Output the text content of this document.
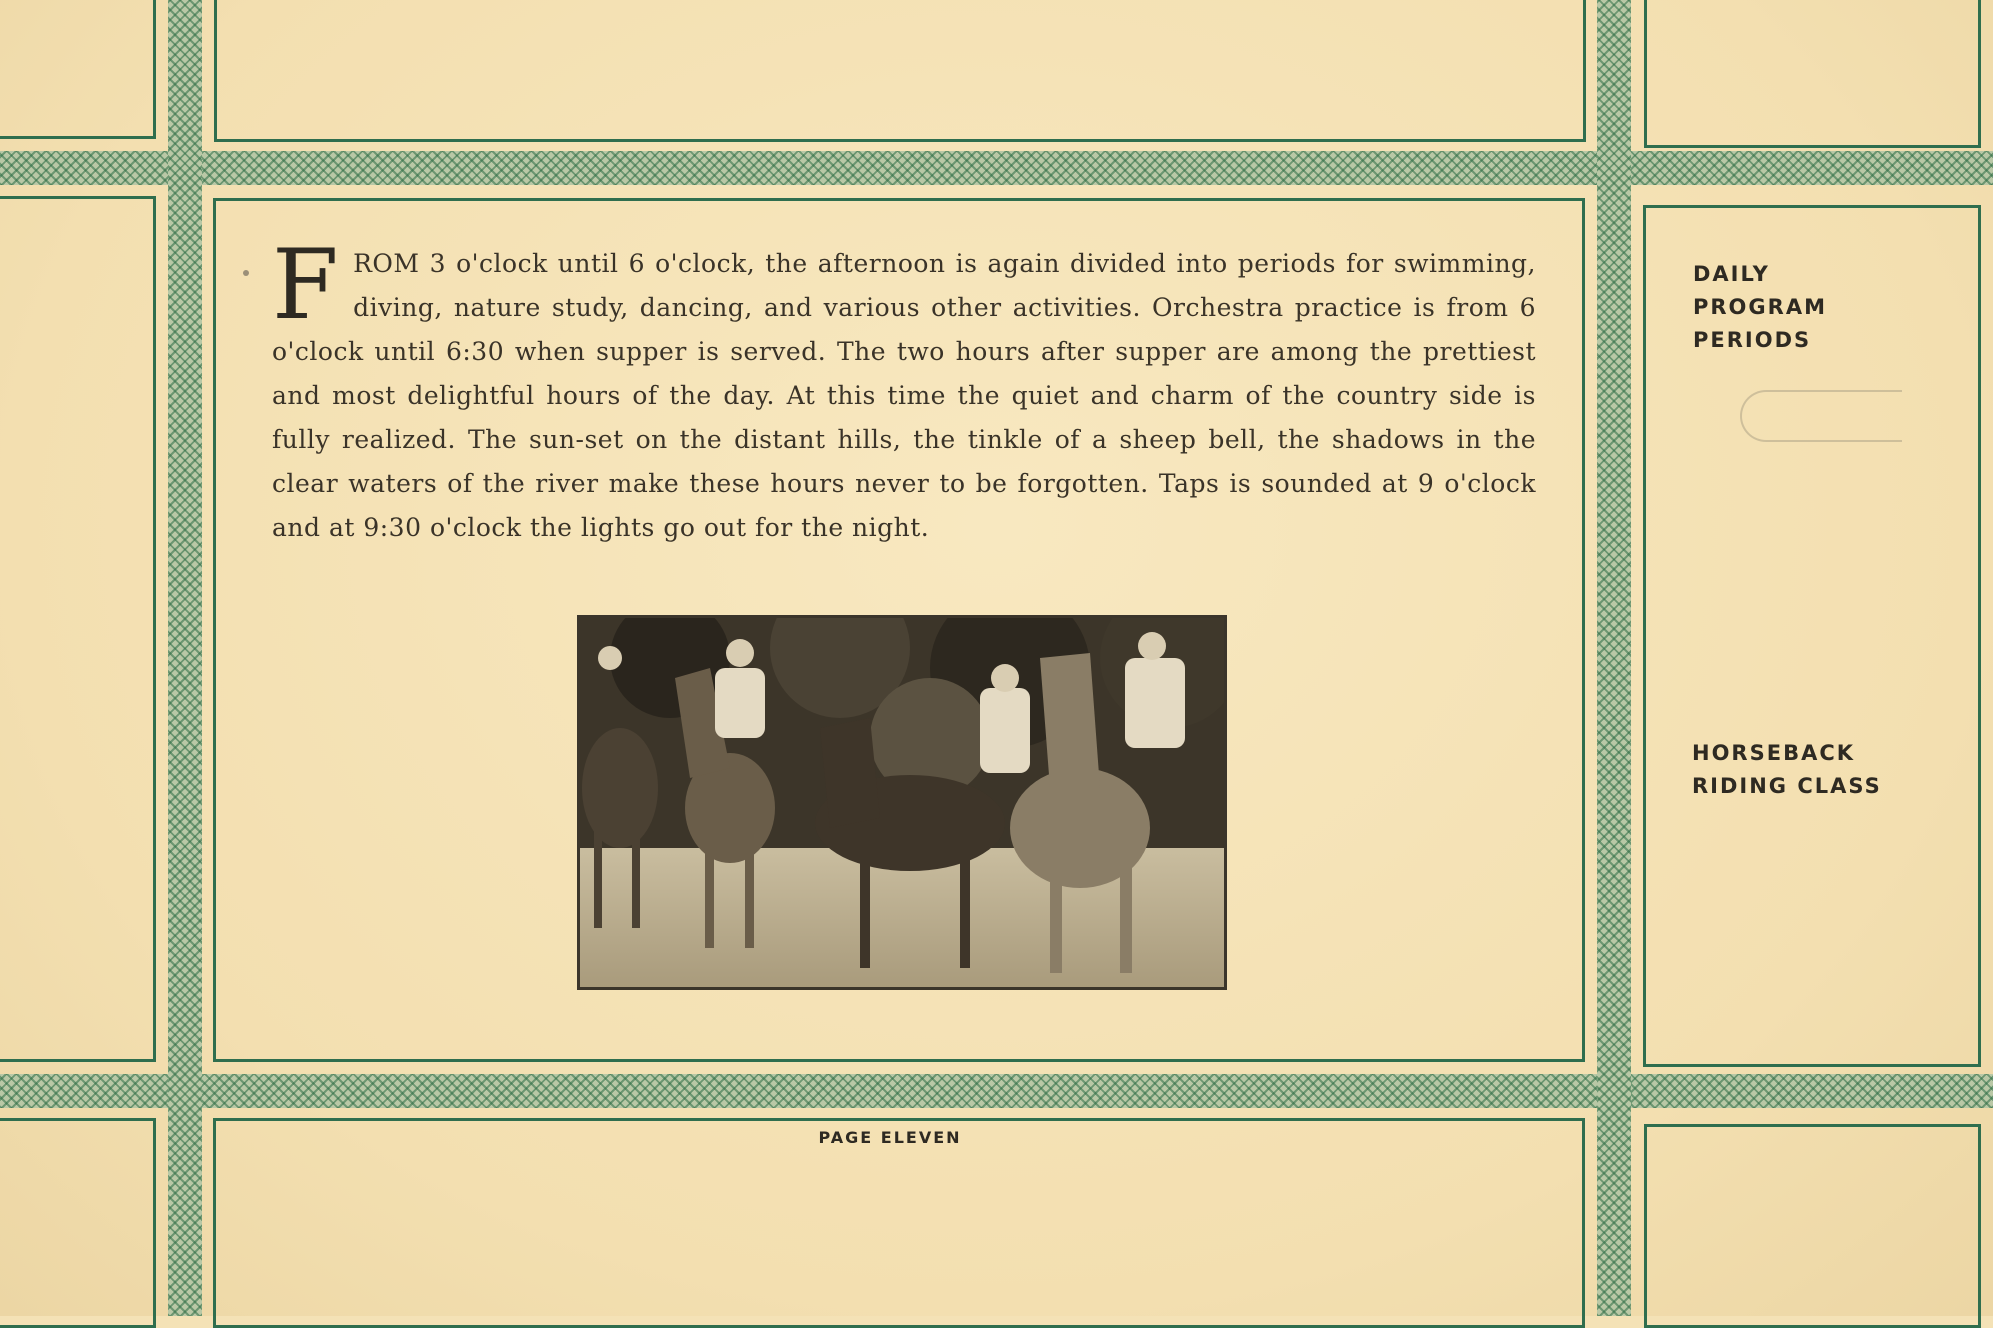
FROM 3 o'clock until 6 o'clock, the afternoon is again divided into periods for swimming, diving, nature study, dancing, and various other activities. Orchestra practice is from 6 o'clock until 6:30 when supper is served. The two hours after supper are among the prettiest and most delightful hours of the day. At this time the quiet and charm of the country side is fully realized. The sun-set on the distant hills, the tinkle of a sheep bell, the shadows in the clear waters of the river make these hours never to be forgotten. Taps is sounded at 9 o'clock and at 9:30 o'clock the lights go out for the night.
DAILY
PROGRAM
PERIODS
HORSEBACK
RIDING CLASS
PAGE ELEVEN
